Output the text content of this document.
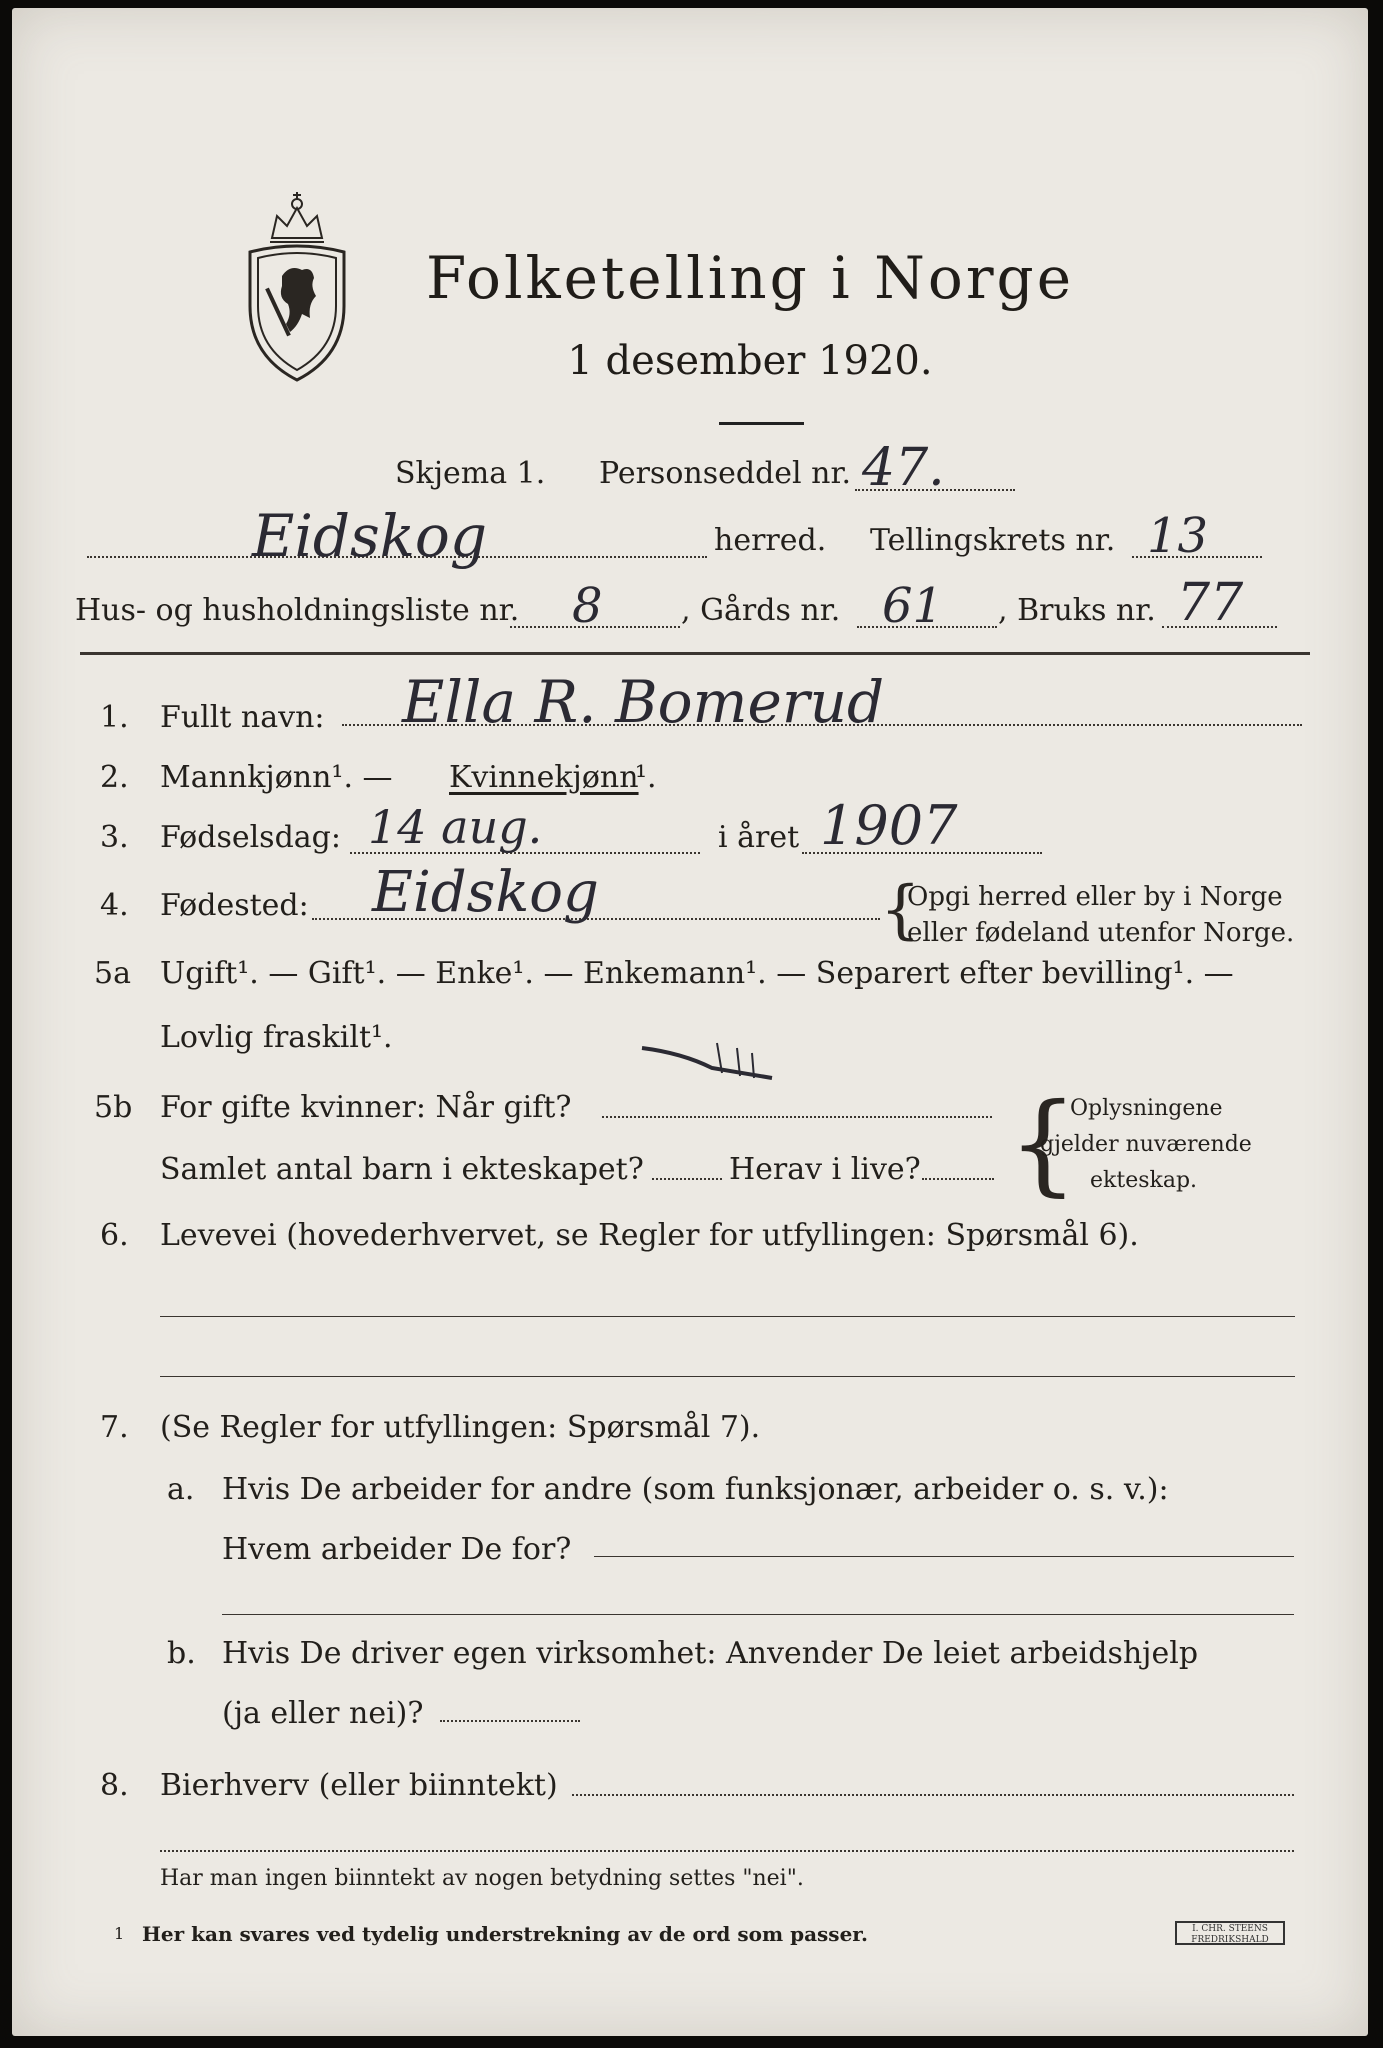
Folketelling i Norge
1 desember 1920.
Skjema 1. Personseddel nr. 47.
Eidskog	herred. Tellingskrets nr. 13
Hus- og husholdningsliste nr. 8	, Gårds nr. 61 , Bruks nr. 77
1. Fullt navn: Ella R. Bomerud
2. Mannkjønn¹. — Kvinnekjønn
¹.
3. Fødselsdag: 14 aug.	i året 1907
4. Fødested: Eidskog	{
Opgi herred eller by i Norge
eller fødeland utenfor Norge.
5a Ugift¹. — Gift¹. — Enke¹. — Enkemann¹. — Separert efter bevilling¹. —
Lovlig fraskilt¹.
5b For gifte kvinner: Når gift?
Samlet antal barn i ekteskapet?	Herav i live? {
Oplysningene
gjelder nuværende
ekteskap.
6. Levevei (hovederhvervet, se Regler for utfyllingen: Spørsmål 6).
7. (Se Regler for utfyllingen: Spørsmål 7).
a. Hvis De arbeider for andre (som funksjonær, arbeider o. s. v.):
Hvem arbeider De for?
b. Hvis De driver egen virksomhet: Anvender De leiet arbeidshjelp
(ja eller nei)?
8. Bierhverv (eller biinntekt)
Har man ingen biinntekt av nogen betydning settes "nei".
1 Her kan svares ved tydelig understrekning av de ord som passer.	I. CHR. STEENS
FREDRIKSHALD
